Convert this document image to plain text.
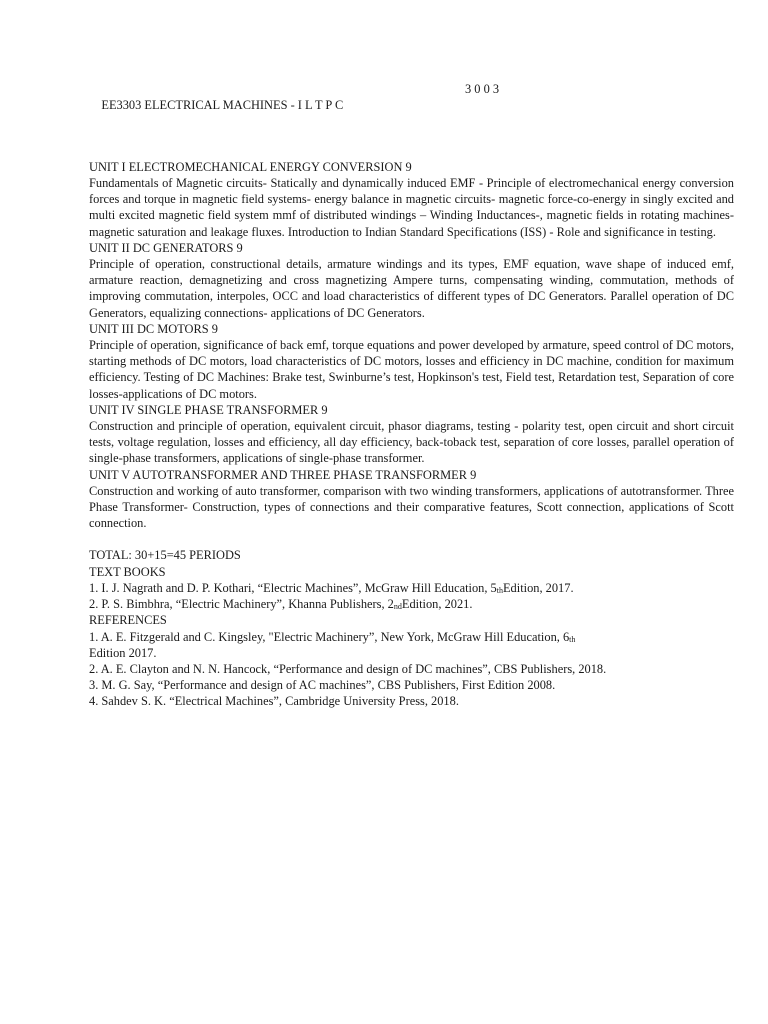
EE3303 ELECTRICAL MACHINES - I L T P C

3 0 0 3

UNIT I ELECTROMECHANICAL ENERGY CONVERSION 9

Fundamentals of Magnetic circuits- Statically and dynamically induced EMF - Principle of electromechanical energy conversion forces and torque in magnetic field systems- energy balance in magnetic circuits- magnetic force-co-energy in singly excited and multi excited magnetic field system mmf of distributed windings – Winding Inductances-, magnetic fields in rotating machines- magnetic saturation and leakage fluxes. Introduction to Indian Standard Specifications (ISS) - Role and significance in testing.

UNIT II DC GENERATORS 9

Principle of operation, constructional details, armature windings and its types, EMF equation, wave shape of induced emf, armature reaction, demagnetizing and cross magnetizing Ampere turns, compensating winding, commutation, methods of improving commutation, interpoles, OCC and load characteristics of different types of DC Generators. Parallel operation of DC Generators, equalizing connections- applications of DC Generators.

UNIT III DC MOTORS 9

Principle of operation, significance of back emf, torque equations and power developed by armature, speed control of DC motors, starting methods of DC motors, load characteristics of DC motors, losses and efficiency in DC machine, condition for maximum efficiency. Testing of DC Machines: Brake test, Swinburne’s test, Hopkinson's test, Field test, Retardation test, Separation of core losses-applications of DC motors.

UNIT IV SINGLE PHASE TRANSFORMER 9

Construction and principle of operation, equivalent circuit, phasor diagrams, testing - polarity test, open circuit and short circuit tests, voltage regulation, losses and efficiency, all day efficiency, back-toback test, separation of core losses, parallel operation of single-phase transformers, applications of single-phase transformer.

UNIT V AUTOTRANSFORMER AND THREE PHASE TRANSFORMER 9

Construction and working of auto transformer, comparison with two winding transformers, applications of autotransformer. Three Phase Transformer- Construction, types of connections and their comparative features, Scott connection, applications of Scott connection.

TOTAL: 30+15=45 PERIODS

TEXT BOOKS

1. I. J. Nagrath and D. P. Kothari, “Electric Machines”, McGraw Hill Education, 5thEdition, 2017.

2. P. S. Bimbhra, “Electric Machinery”, Khanna Publishers, 2ndEdition, 2021.

REFERENCES

1. A. E. Fitzgerald and C. Kingsley, "Electric Machinery”, New York, McGraw Hill Education, 6th
Edition 2017.

2. A. E. Clayton and N. N. Hancock, “Performance and design of DC machines”, CBS Publishers, 2018.

3. M. G. Say, “Performance and design of AC machines”, CBS Publishers, First Edition 2008.

4. Sahdev S. K. “Electrical Machines”, Cambridge University Press, 2018.
